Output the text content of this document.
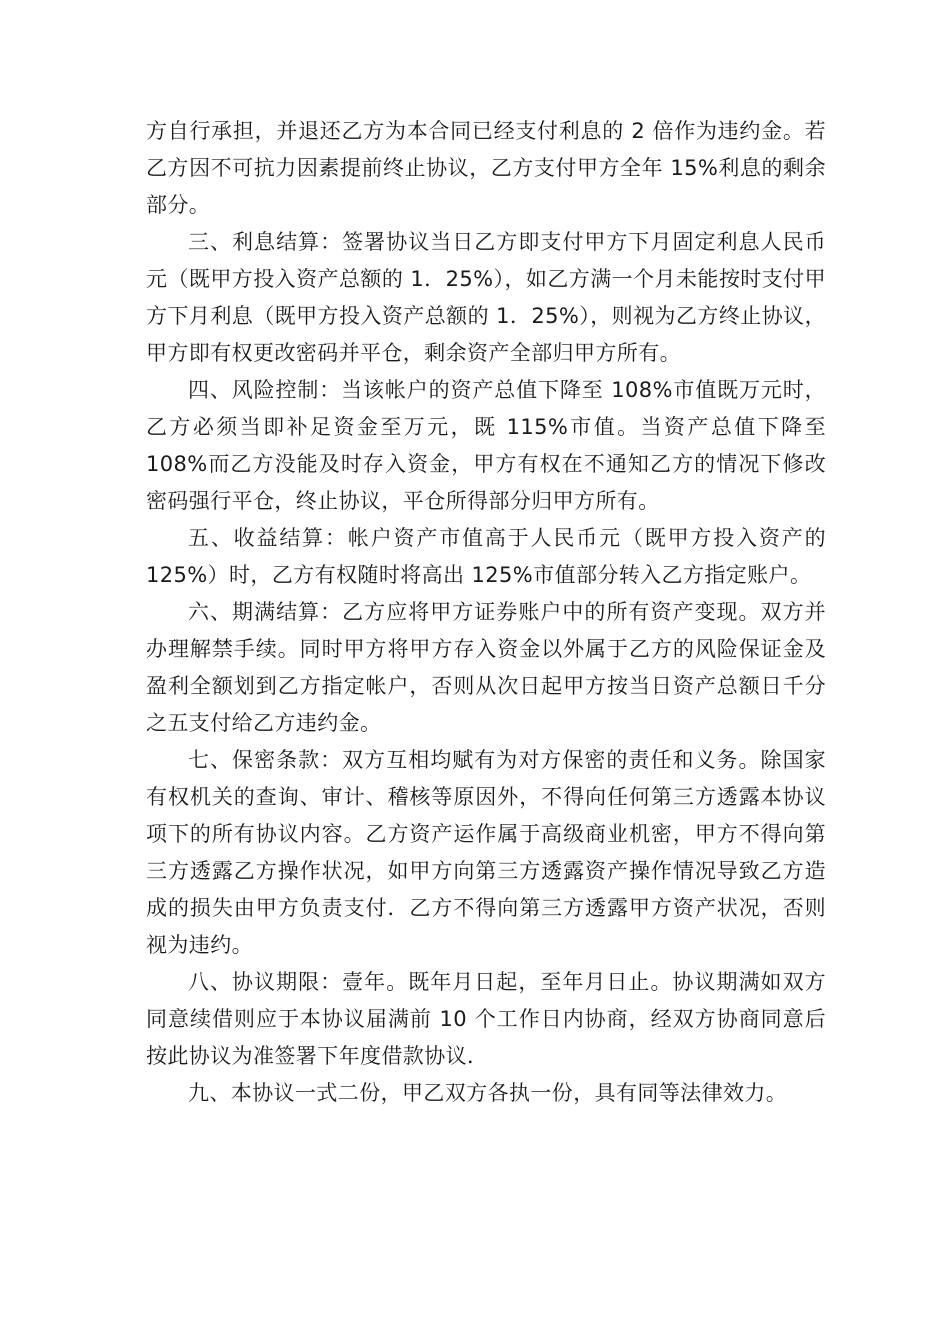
方自行承担，并退还乙方为本合同已经支付利息的 2 倍作为违约金。若乙方因不可抗力因素提前终止协议，乙方支付甲方全年 15%利息的剩余部分。

三、利息结算：签署协议当日乙方即支付甲方下月固定利息人民币元（既甲方投入资产总额的 1．25%），如乙方满一个月未能按时支付甲方下月利息（既甲方投入资产总额的 1．25%），则视为乙方终止协议，甲方即有权更改密码并平仓，剩余资产全部归甲方所有。

四、风险控制：当该帐户的资产总值下降至 108%市值既万元时，乙方必须当即补足资金至万元，既 115%市值。当资产总值下降至 108%而乙方没能及时存入资金，甲方有权在不通知乙方的情况下修改密码强行平仓，终止协议，平仓所得部分归甲方所有。

五、收益结算：帐户资产市值高于人民币元（既甲方投入资产的 125%）时，乙方有权随时将高出 125%市值部分转入乙方指定账户。

六、期满结算：乙方应将甲方证券账户中的所有资产变现。双方并办理解禁手续。同时甲方将甲方存入资金以外属于乙方的风险保证金及盈利全额划到乙方指定帐户，否则从次日起甲方按当日资产总额日千分之五支付给乙方违约金。

七、保密条款：双方互相均赋有为对方保密的责任和义务。除国家有权机关的查询、审计、稽核等原因外，不得向任何第三方透露本协议项下的所有协议内容。乙方资产运作属于高级商业机密，甲方不得向第三方透露乙方操作状况，如甲方向第三方透露资产操作情况导致乙方造成的损失由甲方负责支付．乙方不得向第三方透露甲方资产状况，否则视为违约。

八、协议期限：壹年。既年月日起，至年月日止。协议期满如双方同意续借则应于本协议届满前 10 个工作日内协商，经双方协商同意后按此协议为准签署下年度借款协议．

九、本协议一式二份，甲乙双方各执一份，具有同等法律效力。
